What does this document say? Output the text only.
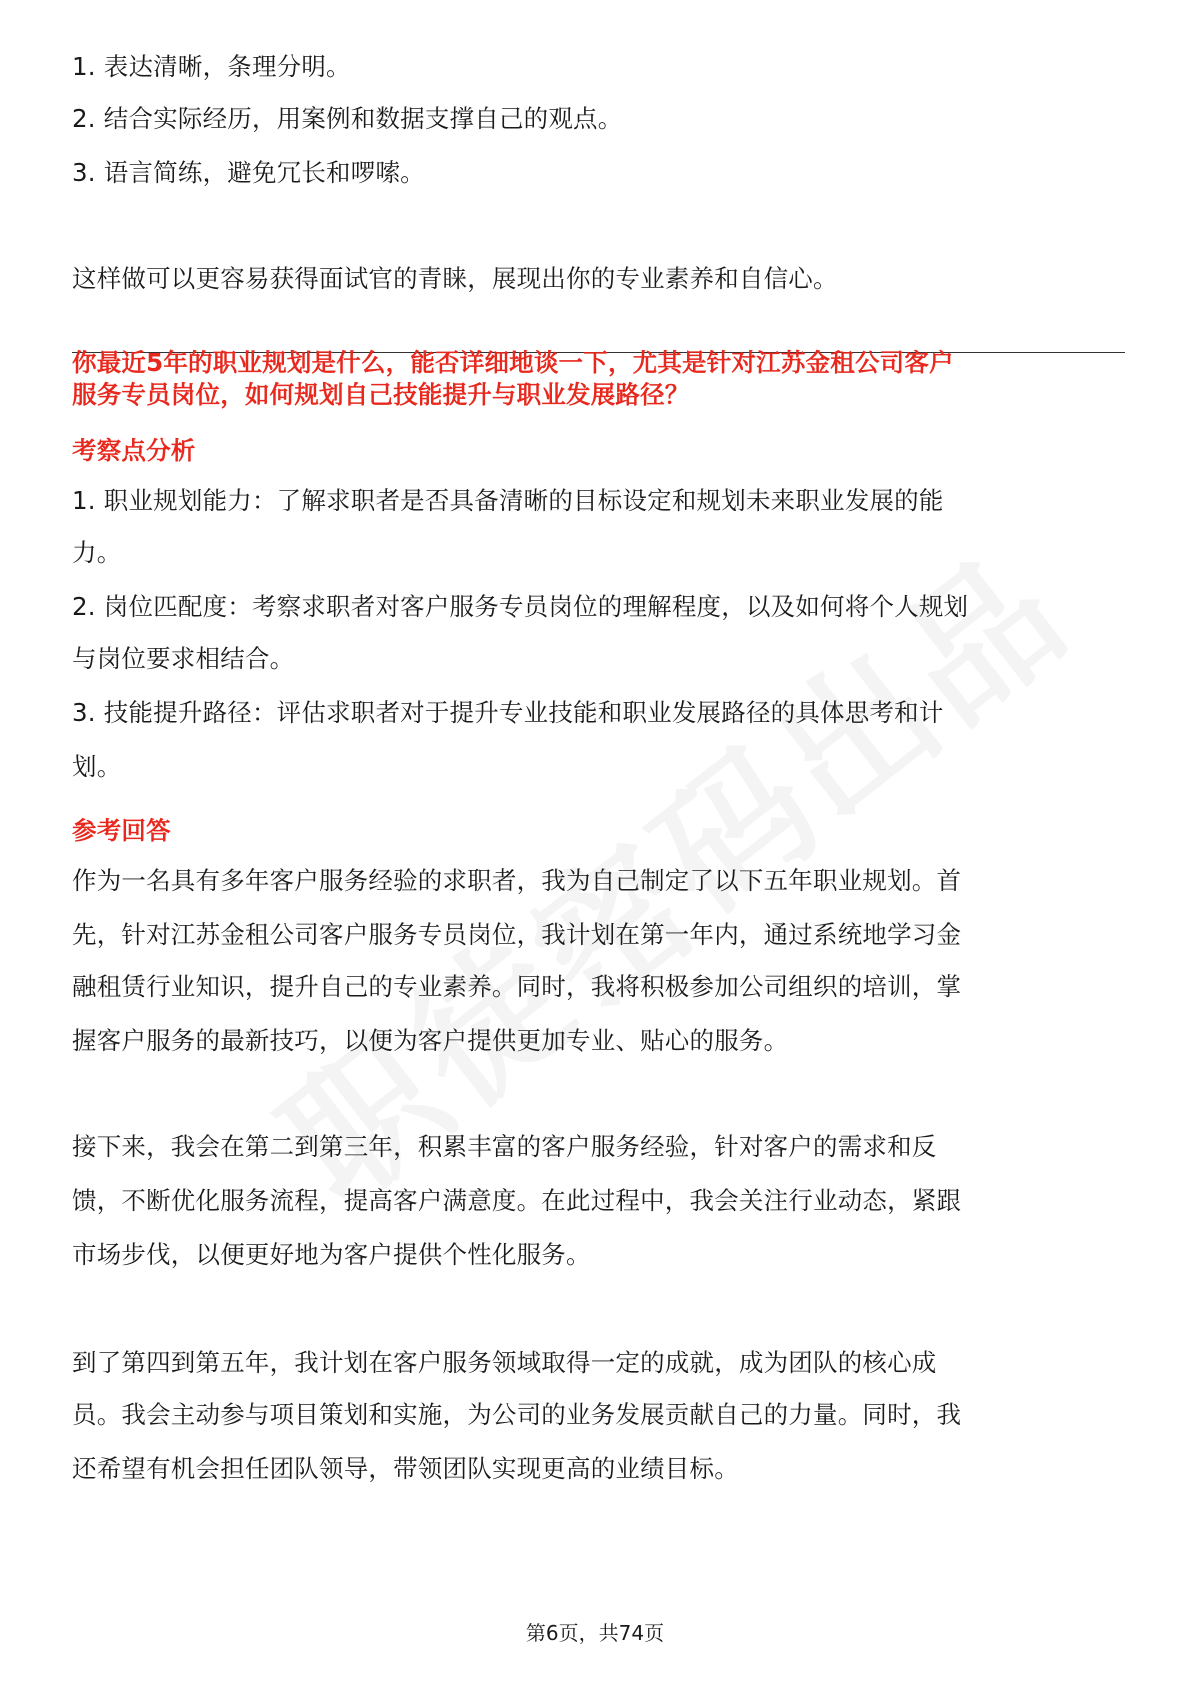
1. 表达清晰，条理分明。
2. 结合实际经历，用案例和数据支撑自己的观点。
3. 语言简练，避免冗长和啰嗦。
这样做可以更容易获得面试官的青睐，展现出你的专业素养和自信心。
你最近5年的职业规划是什么，能否详细地谈一下，尤其是针对江苏金租公司客户
服务专员岗位，如何规划自己技能提升与职业发展路径？
考察点分析
1. 职业规划能力：了解求职者是否具备清晰的目标设定和规划未来职业发展的能
力。
2. 岗位匹配度：考察求职者对客户服务专员岗位的理解程度，以及如何将个人规划
与岗位要求相结合。
3. 技能提升路径：评估求职者对于提升专业技能和职业发展路径的具体思考和计
划。
参考回答
作为一名具有多年客户服务经验的求职者，我为自己制定了以下五年职业规划。首
先，针对江苏金租公司客户服务专员岗位，我计划在第一年内，通过系统地学习金
融租赁行业知识，提升自己的专业素养。同时，我将积极参加公司组织的培训，掌
握客户服务的最新技巧，以便为客户提供更加专业、贴心的服务。
接下来，我会在第二到第三年，积累丰富的客户服务经验，针对客户的需求和反
馈，不断优化服务流程，提高客户满意度。在此过程中，我会关注行业动态，紧跟
市场步伐，以便更好地为客户提供个性化服务。
到了第四到第五年，我计划在客户服务领域取得一定的成就，成为团队的核心成
员。我会主动参与项目策划和实施，为公司的业务发展贡献自己的力量。同时，我
还希望有机会担任团队领导，带领团队实现更高的业绩目标。
第6页，共74页
